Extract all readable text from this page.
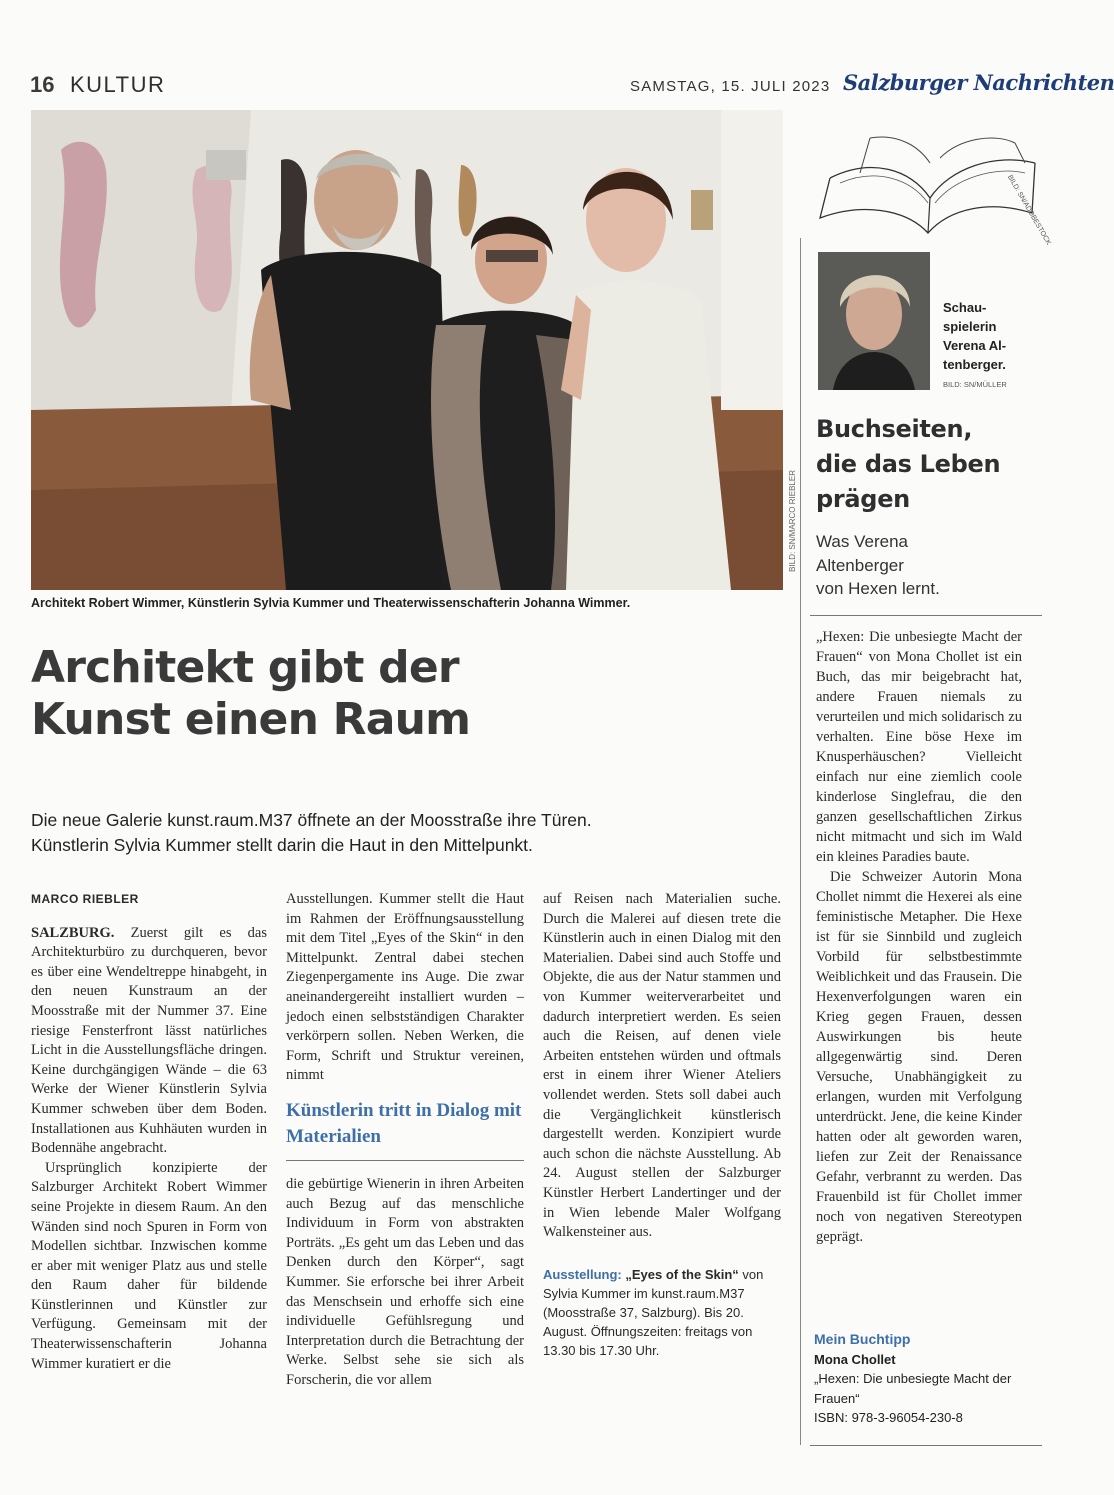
16 KULTUR	SAMSTAG, 15. JULI 2023 Salzburger Nachrichten
BILD: SN/MARCO RIEBLER
Architekt Robert Wimmer, Künstlerin Sylvia Kummer und Theaterwissenschafterin Johanna Wimmer.
Architekt gibt der
Kunst einen Raum
Die neue Galerie kunst.raum.M37 öffnete an der Moosstraße ihre Türen.
Künstlerin Sylvia Kummer stellt darin die Haut in den Mittelpunkt.
MARCO RIEBLER

SALZBURG. Zuerst gilt es das Architekturbüro zu durchqueren, bevor es über eine Wendeltreppe hinabgeht, in den neuen Kunstraum an der Moosstraße mit der Nummer 37. Eine riesige Fensterfront lässt natürliches Licht in die Ausstellungsfläche dringen. Keine durchgängigen Wände – die 63 Werke der Wiener Künstlerin Sylvia Kummer schweben über dem Boden. Installationen aus Kuhhäuten wurden in Bodennähe angebracht.

Ursprünglich konzipierte der Salzburger Architekt Robert Wimmer seine Projekte in diesem Raum. An den Wänden sind noch Spuren in Form von Modellen sichtbar. Inzwischen komme er aber mit weniger Platz aus und stelle den Raum daher für bildende Künstlerinnen und Künstler zur Verfügung. Gemeinsam mit der Theaterwissenschafterin Johanna Wimmer kuratiert er die

Ausstellungen. Kummer stellt die Haut im Rahmen der Eröffnungsausstellung mit dem Titel „Eyes of the Skin“ in den Mittelpunkt. Zentral dabei stechen Ziegenpergamente ins Auge. Die zwar aneinandergereiht installiert wurden – jedoch einen selbstständigen Charakter verkörpern sollen. Neben Werken, die Form, Schrift und Struktur vereinen, nimmt

Künstlerin tritt in Dialog mit Materialien

die gebürtige Wienerin in ihren Arbeiten auch Bezug auf das menschliche Individuum in Form von abstrakten Porträts. „Es geht um das Leben und das Denken durch den Körper“, sagt Kummer. Sie erforsche bei ihrer Arbeit das Menschsein und erhoffe sich eine individuelle Gefühlsregung und Interpretation durch die Betrachtung der Werke. Selbst sehe sie sich als Forscherin, die vor allem

auf Reisen nach Materialien suche. Durch die Malerei auf diesen trete die Künstlerin auch in einen Dialog mit den Materialien. Dabei sind auch Stoffe und Objekte, die aus der Natur stammen und von Kummer weiterverarbeitet und dadurch interpretiert werden. Es seien auch die Reisen, auf denen viele Arbeiten entstehen würden und oftmals erst in einem ihrer Wiener Ateliers vollendet werden. Stets soll dabei auch die Vergänglichkeit künstlerisch dargestellt werden. Konzipiert wurde auch schon die nächste Ausstellung. Ab 24. August stellen der Salzburger Künstler Herbert Landertinger und der in Wien lebende Maler Wolfgang Walkensteiner aus.

Ausstellung: „Eyes of the Skin“ von Sylvia Kummer im kunst.raum.M37 (Moosstraße 37, Salzburg). Bis 20. August. Öffnungszeiten: freitags von 13.30 bis 17.30 Uhr.
BILD: SN/ADOBESTOCK
Schau-
spielerin
Verena Al-
tenberger.
BILD: SN/MÜLLER
Buchseiten,
die das Leben
prägen
Was Verena
Altenberger
von Hexen lernt.

„Hexen: Die unbesiegte Macht der Frauen“ von Mona Chollet ist ein Buch, das mir beigebracht hat, andere Frauen niemals zu verurteilen und mich solidarisch zu verhalten. Eine böse Hexe im Knusperhäuschen? Vielleicht einfach nur eine ziemlich coole kinderlose Singlefrau, die den ganzen gesellschaftlichen Zirkus nicht mitmacht und sich im Wald ein kleines Paradies baute.

Die Schweizer Autorin Mona Chollet nimmt die Hexerei als eine feministische Metapher. Die Hexe ist für sie Sinnbild und zugleich Vorbild für selbstbestimmte Weiblichkeit und das Frausein. Die Hexenverfolgungen waren ein Krieg gegen Frauen, dessen Auswirkungen bis heute allgegenwärtig sind. Deren Versuche, Unabhängigkeit zu erlangen, wurden mit Verfolgung unterdrückt. Jene, die keine Kinder hatten oder alt geworden waren, liefen zur Zeit der Renaissance Gefahr, verbrannt zu werden. Das Frauenbild ist für Chollet immer noch von negativen Stereotypen geprägt.

Mein Buchtipp
Mona Chollet
„Hexen: Die unbesiegte Macht der Frauen“
ISBN: 978-3-96054-230-8
